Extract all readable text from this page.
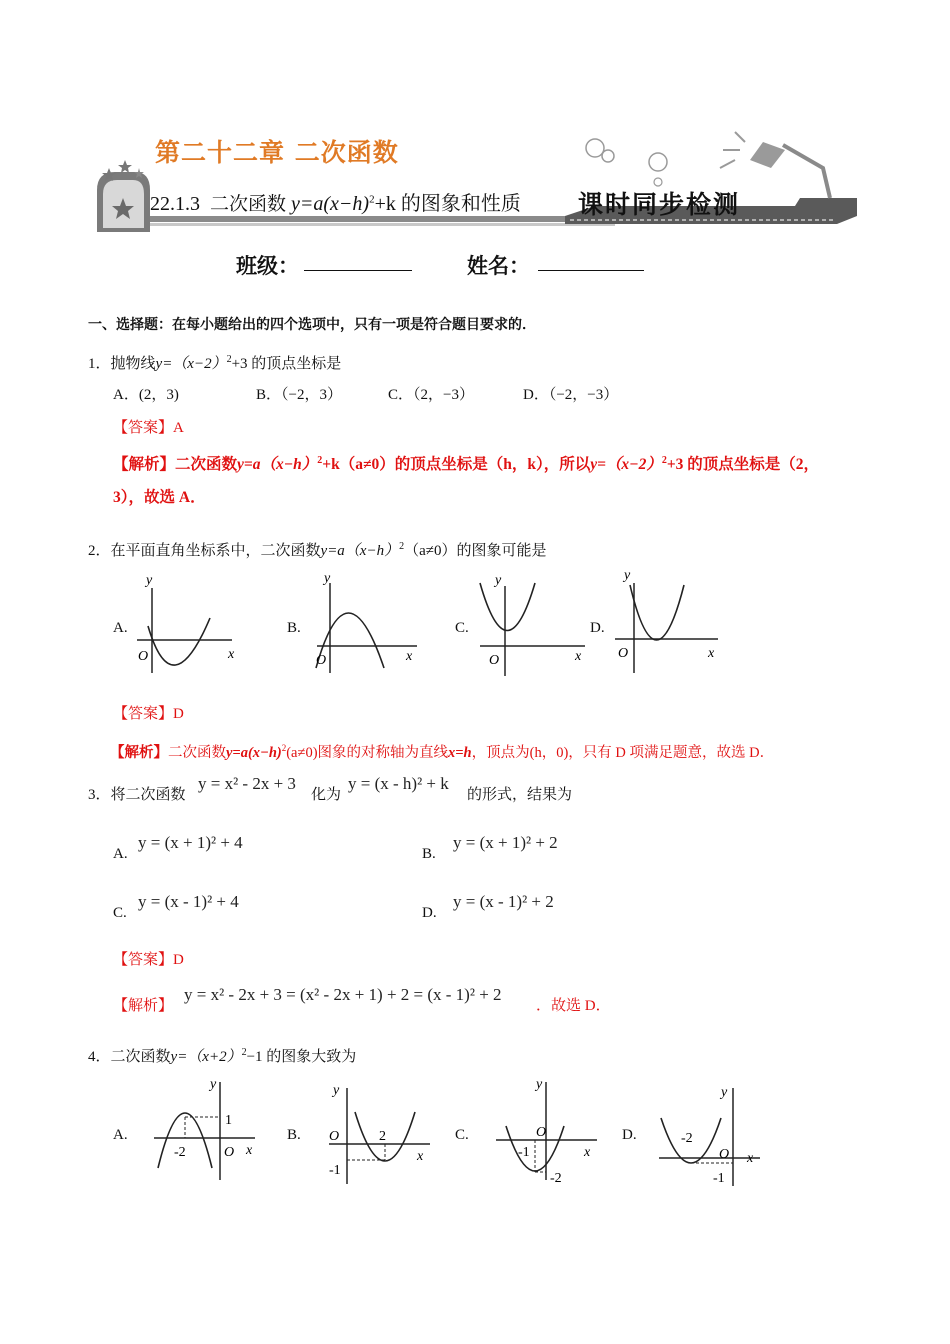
第二十二章 二次函数
22.1.3 二次函数 $y=a(x-h)^2+k$ 的图象和性质 课时同步检测
班级：	姓名：
一、选择题：在每小题给出的四个选项中，只有一项是符合题目要求的．
1．抛物线$y=(x-2)^2+3$ 的顶点坐标是
A．(2，3)	B．（−2，3）	C．（2，−3）	D．（−2，−3）
【答案】A
【解析】二次函数$y=a(x-h)^2+k(a\ne 0)$的顶点坐标是（h，k），所以$y=(x-2)^2+3$ 的顶点坐标是（2，
3），故选 A．
2．在平面直角坐标系中，二次函数$y=a(x-h)^2(a\ne 0)$的图象可能是
A.	B.	C.	D.
y
x
O
y
x
O
y
x
O
y
x
O
【答案】D
【解析】二次函数$y=a(x-h)^2(a\ne 0)$图象的对称轴为直线x=h，顶点为(h，0)，只有 D 项满足题意，故选 D．
3．将二次函数
y = x² - 2x + 3
化为
y = (x - h)² + k
的形式，结果为
A.
y = (x + 1)² + 4
B.
y = (x + 1)² + 2
C.
y = (x - 1)² + 4
D.
y = (x - 1)² + 2
【答案】D
【解析】
y = x² - 2x + 3 = (x² - 2x + 1) + 2 = (x - 1)² + 2
．故选 D．
4．二次函数$y=(x+2)^2-1$ 的图象大致为
A.	B.	C.	D.
y
x
O
1
-2
y
x
O	2
-1
y
x
O
-1
-2
y
x
O
-2
-1
